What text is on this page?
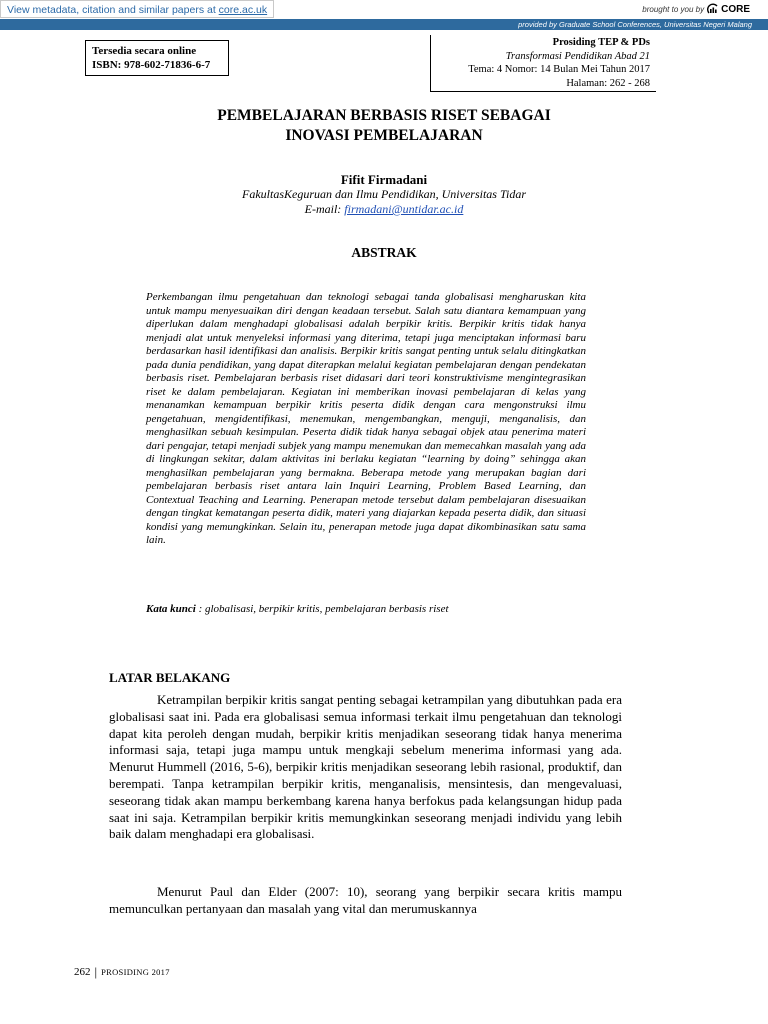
View metadata, citation and similar papers at core.ac.uk	brought to you by CORE
provided by Graduate School Conferences, Universitas Negeri Malang
Tersedia secara online
ISBN: 978-602-71836-6-7
Prosiding TEP & PDs
Transformasi Pendidikan Abad 21
Tema: 4 Nomor: 14 Bulan Mei Tahun 2017
Halaman: 262 - 268
PEMBELAJARAN BERBASIS RISET SEBAGAI
INOVASI PEMBELAJARAN
Fifit Firmadani
FakultasKeguruan dan Ilmu Pendidikan, Universitas Tidar
E-mail: firmadani@untidar.ac.id
ABSTRAK
Perkembangan ilmu pengetahuan dan teknologi sebagai tanda globalisasi mengharuskan kita untuk mampu menyesuaikan diri dengan keadaan tersebut. Salah satu diantara kemampuan yang diperlukan dalam menghadapi globalisasi adalah berpikir kritis. Berpikir kritis tidak hanya menjadi alat untuk menyeleksi informasi yang diterima, tetapi juga menciptakan informasi baru berdasarkan hasil identifikasi dan analisis. Berpikir kritis sangat penting untuk selalu ditingkatkan pada dunia pendidikan, yang dapat diterapkan melalui kegiatan pembelajaran dengan pendekatan berbasis riset. Pembelajaran berbasis riset didasari dari teori konstruktivisme mengintegrasikan riset ke dalam pembelajaran. Kegiatan ini memberikan inovasi pembelajaran di kelas yang menanamkan kemampuan berpikir kritis peserta didik dengan cara mengonstruksi ilmu pengetahuan, mengidentifikasi, menemukan, mengembangkan, menguji, menganalisis, dan menghasilkan sebuah kesimpulan. Peserta didik tidak hanya sebagai objek atau penerima materi dari pengajar, tetapi menjadi subjek yang mampu menemukan dan memecahkan masalah yang ada di lingkungan sekitar, dalam aktivitas ini berlaku kegiatan “learning by doing” sehingga akan menghasilkan pembelajaran yang bermakna. Beberapa metode yang merupakan bagian dari pembelajaran berbasis riset antara lain Inquiri Learning, Problem Based Learning, dan Contextual Teaching and Learning. Penerapan metode tersebut dalam pembelajaran disesuaikan dengan tingkat kematangan peserta didik, materi yang diajarkan kepada peserta didik, dan situasi kondisi yang memungkinkan. Selain itu, penerapan metode juga dapat dikombinasikan satu sama lain.
Kata kunci : globalisasi, berpikir kritis, pembelajaran berbasis riset
LATAR BELAKANG

Ketrampilan berpikir kritis sangat penting sebagai ketrampilan yang dibutuhkan pada era globalisasi saat ini. Pada era globalisasi semua informasi terkait ilmu pengetahuan dan teknologi dapat kita peroleh dengan mudah, berpikir kritis menjadikan seseorang tidak hanya menerima informasi saja, tetapi juga mampu untuk mengkaji sebelum menerima informasi yang ada. Menurut Hummell (2016, 5-6), berpikir kritis menjadikan seseorang lebih rasional, produktif, dan berempati. Tanpa ketrampilan berpikir kritis, menganalisis, mensintesis, dan mengevaluasi, seseorang tidak akan mampu berkembang karena hanya berfokus pada kelangsungan hidup pada saat ini saja. Ketrampilan berpikir kritis memungkinkan seseorang menjadi individu yang lebih baik dalam menghadapi era globalisasi.

Menurut Paul dan Elder (2007: 10), seorang yang berpikir secara kritis mampu memunculkan pertanyaan dan masalah yang vital dan merumuskannya

262 | PROSIDING 2017
